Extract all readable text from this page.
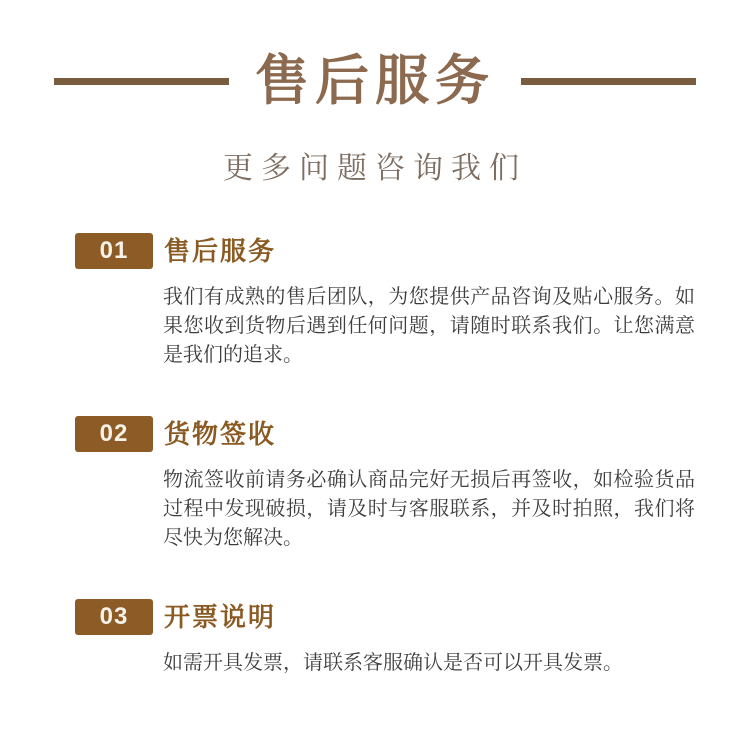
售后服务
更多问题咨询我们
01	售后服务
我们有成熟的售后团队，为您提供产品咨询及贴心服务。如果您收到货物后遇到任何问题，请随时联系我们。让您满意是我们的追求。
02	货物签收
物流签收前请务必确认商品完好无损后再签收，如检验货品过程中发现破损，请及时与客服联系，并及时拍照，我们将尽快为您解决。
03	开票说明
如需开具发票，请联系客服确认是否可以开具发票。
